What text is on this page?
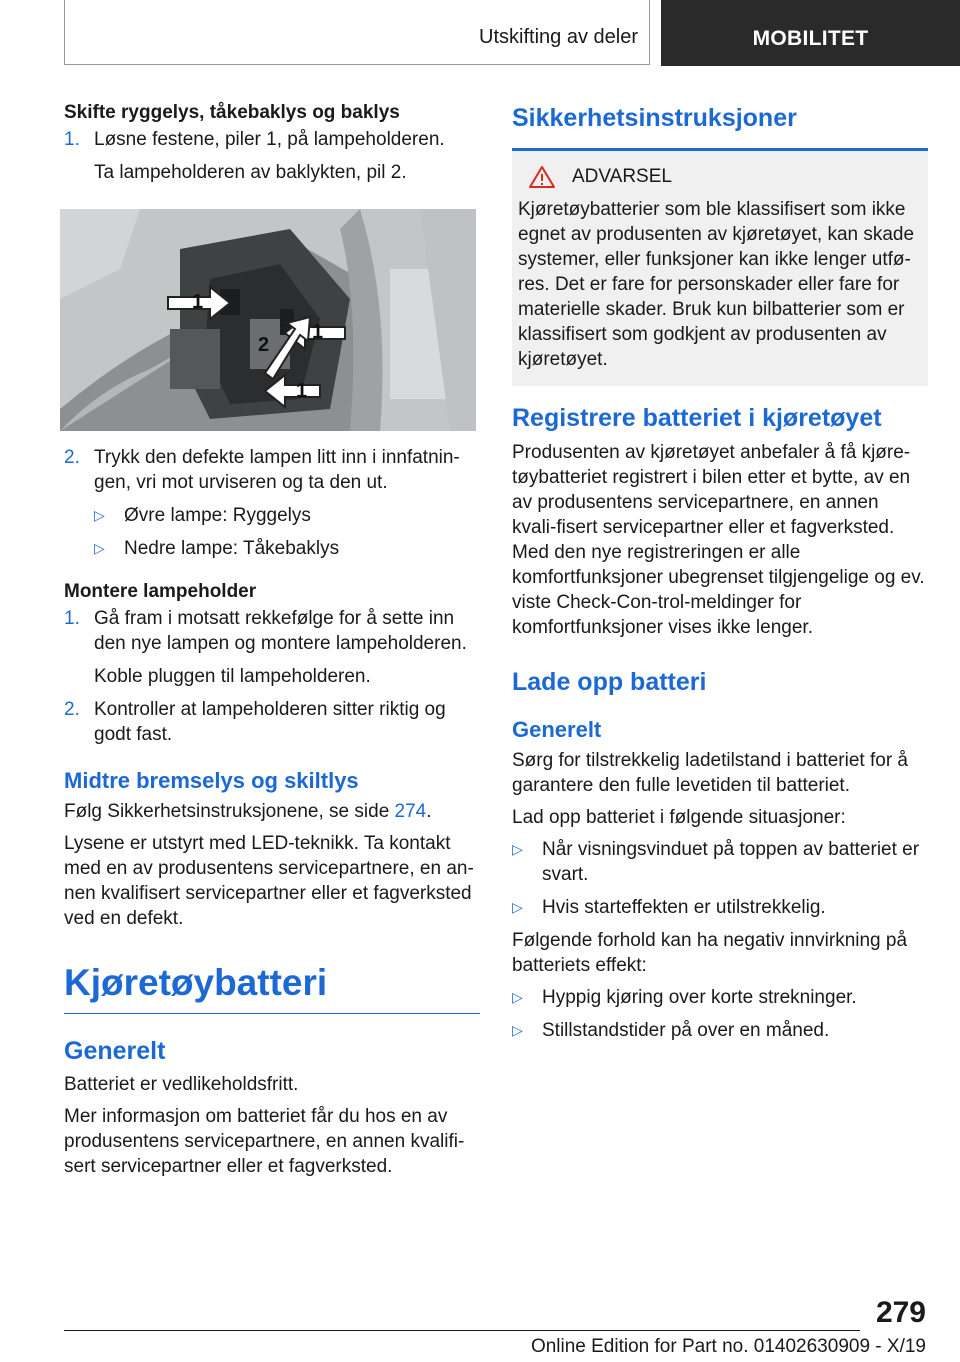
Utskifting av deler	MOBILITET

Skifte ryggelys, tåkebaklys og baklys

1. Løsne festene, piler 1, på lampeholderen.
Ta lampeholderen av baklykten, pil 2.
1
1
2
1
2. Trykk den defekte lampen litt inn i innfatnin-gen, vri mot urviseren og ta den ut.
▷ Øvre lampe: Ryggelys
▷ Nedre lampe: Tåkebaklys

Montere lampeholder

1. Gå fram i motsatt rekkefølge for å sette inn den nye lampen og montere lampeholderen.
Koble pluggen til lampeholderen.
2. Kontroller at lampeholderen sitter riktig og godt fast.
Midtre bremselys og skiltlys

Følg Sikkerhetsinstruksjonene, se side 274.

Lysene er utstyrt med LED-teknikk. Ta kontakt med en av produsentens servicepartnere, en an-nen kvalifisert servicepartner eller et fagverksted ved en defekt.

Kjøretøybatteri
Generelt

Batteriet er vedlikeholdsfritt.

Mer informasjon om batteriet får du hos en av produsentens servicepartnere, en annen kvalifi-sert servicepartner eller et fagverksted.

Sikkerhetsinstruksjoner
ADVARSEL

Kjøretøybatterier som ble klassifisert som ikke egnet av produsenten av kjøretøyet, kan skade systemer, eller funksjoner kan ikke lenger utfø-res. Det er fare for personskader eller fare for materielle skader. Bruk kun bilbatterier som er klassifisert som godkjent av produsenten av kjøretøyet.

Registrere batteriet i kjøretøyet

Produsenten av kjøretøyet anbefaler å få kjøre-tøybatteriet registrert i bilen etter et bytte, av en av produsentens servicepartnere, en annen kvali-fisert servicepartner eller et fagverksted. Med den nye registreringen er alle komfortfunksjoner ubegrenset tilgjengelige og ev. viste Check-Con-trol-meldinger for komfortfunksjoner vises ikke lenger.

Lade opp batteri
Generelt

Sørg for tilstrekkelig ladetilstand i batteriet for å garantere den fulle levetiden til batteriet.

Lad opp batteriet i følgende situasjoner:

▷ Når visningsvinduet på toppen av batteriet er svart.
▷ Hvis starteffekten er utilstrekkelig.

Følgende forhold kan ha negativ innvirkning på batteriets effekt:

▷ Hyppig kjøring over korte strekninger.
▷ Stillstandstider på over en måned.
279
Online Edition for Part no. 01402630909 - X/19
